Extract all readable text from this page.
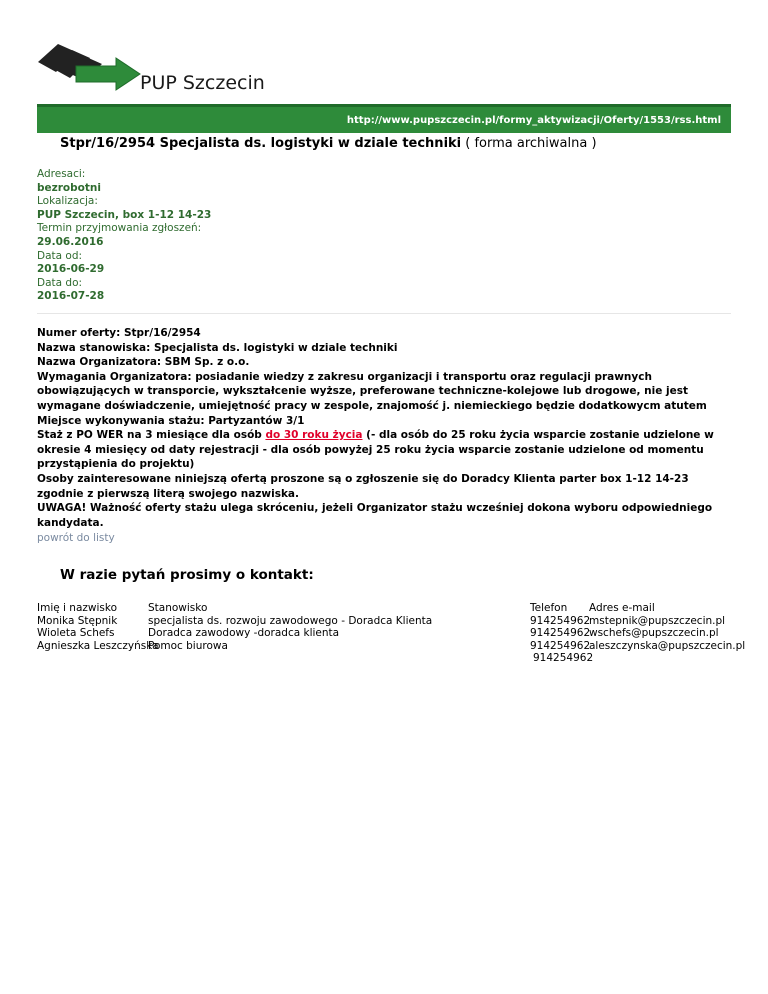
PUP Szczecin
http://www.pupszczecin.pl/formy_aktywizacji/Oferty/1553/rss.html
Stpr/16/2954 Specjalista ds. logistyki w dziale techniki ( forma archiwalna )
Adresaci:
bezrobotni
Lokalizacja:
PUP Szczecin, box 1-12 14-23
Termin przyjmowania zgłoszeń:
29.06.2016
Data od:
2016-06-29
Data do:
2016-07-28
Numer oferty: Stpr/16/2954
Nazwa stanowiska: Specjalista ds. logistyki w dziale techniki
Nazwa Organizatora: SBM Sp. z o.o.
Wymagania Organizatora: posiadanie wiedzy z zakresu organizacji i transportu oraz regulacji prawnych obowiązujących w transporcie, wykształcenie wyższe, preferowane techniczne-kolejowe lub drogowe, nie jest wymagane doświadczenie, umiejętność pracy w zespole, znajomość j. niemieckiego będzie dodatkowycm atutem
Miejsce wykonywania stażu: Partyzantów 3/1
Staż z PO WER na 3 miesiące dla osób do 30 roku życia (- dla osób do 25 roku życia wsparcie zostanie udzielone w okresie 4 miesięcy od daty rejestracji - dla osób powyżej 25 roku życia wsparcie zostanie udzielone od momentu przystąpienia do projektu)
Osoby zainteresowane niniejszą ofertą proszone są o zgłoszenie się do Doradcy Klienta parter box 1-12 14-23 zgodnie z pierwszą literą swojego nazwiska.
UWAGA! Ważność oferty stażu ulega skróceniu, jeżeli Organizator stażu wcześniej dokona wyboru odpowiedniego kandydata.
powrót do listy
W razie pytań prosimy o kontakt:
Imię i nazwisko
Monika Stępnik
Wioleta Schefs
Agnieszka Leszczyńska
Stanowisko
specjalista ds. rozwoju zawodowego - Doradca Klienta
Doradca zawodowy -doradca klienta
Pomoc biurowa
Telefon
914254962
914254962
914254962
914254962
Adres e-mail
mstepnik@pupszczecin.pl
wschefs@pupszczecin.pl
aleszczynska@pupszczecin.pl
